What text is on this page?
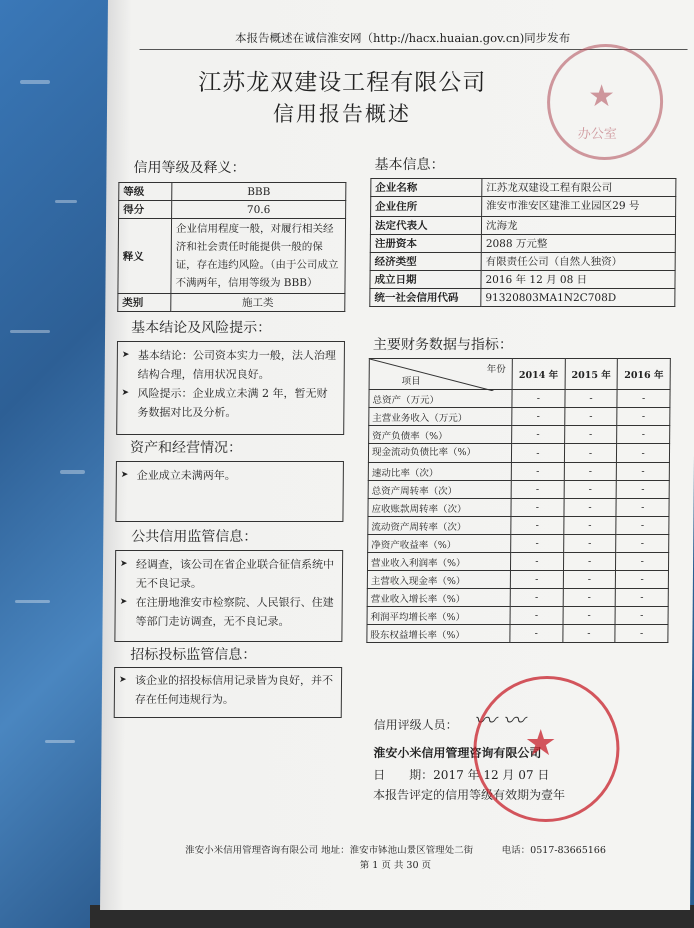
本报告概述在诚信淮安网（http://hacx.huaian.gov.cn)同步发布
江苏龙双建设工程有限公司
信用报告概述	★
办公室
信用等级及释义：
等级	BBB
得分	70.6
释义	企业信用程度一般，对履行相关经济和社会责任时能提供一般的保证，存在违约风险。（由于公司成立不满两年，信用等级为 BBB）
类别	施工类
基本信息：
企业名称	江苏龙双建设工程有限公司
企业住所	淮安市淮安区建淮工业园区29 号
法定代表人	沈海龙
注册资本	2088 万元整
经济类型	有限责任公司（自然人独资）
成立日期	2016 年 12 月 08 日
统一社会信用代码	91320803MA1N2C708D
基本结论及风险提示：
➤ 基本结论：公司资本实力一般，法人治理结构合理，信用状况良好。
➤ 风险提示：企业成立未满 2 年，暂无财务数据对比及分析。
资产和经营情况：
➤ 企业成立未满两年。
公共信用监管信息：
➤ 经调查，该公司在省企业联合征信系统中无不良记录。
➤ 在注册地淮安市检察院、人民银行、住建等部门走访调查，无不良记录。
招标投标监管信息：
➤ 该企业的招投标信用记录皆为良好，并不存在任何违规行为。
主要财务数据与指标：
年份
项目	2014 年	2015 年	2016 年
总资产（万元）	-	-	-
主营业务收入（万元）	-	-	-
资产负债率（%）	-	-	-
现金流动负债比率（%）	-	-	-
速动比率（次）	-	-	-
总资产周转率（次）	-	-	-
应收账款周转率（次）	-	-	-
流动资产周转率（次）	-	-	-
净资产收益率（%）	-	-	-
营业收入利润率（%）	-	-	-
主营收入现金率（%）	-	-	-
营业收入增长率（%）	-	-	-
利润平均增长率（%）	-	-	-
股东权益增长率（%）	-	-	-
信用评级人员： 〰 〰
淮安小米信用管理咨询有限公司
日　　期：2017 年 12 月 07 日
本报告评定的信用等级有效期为壹年
★
淮安小米信用管理咨询有限公司 地址：淮安市钵池山景区管理处二街　　　电话：0517-83665166
第 1 页 共 30 页
